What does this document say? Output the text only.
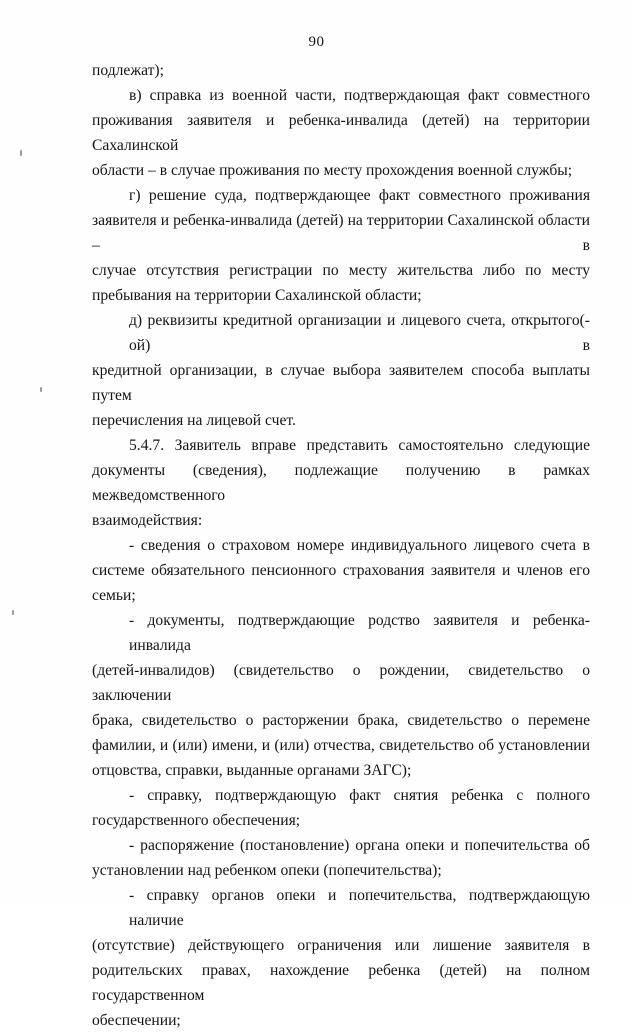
90

подлежат);

в) справка из военной части, подтверждающая факт совместного
проживания заявителя и ребенка-инвалида (детей) на территории Сахалинской
области – в случае проживания по месту прохождения военной службы;

г) решение суда, подтверждающее факт совместного проживания
заявителя и ребенка-инвалида (детей) на территории Сахалинской области – в
случае отсутствия регистрации по месту жительства либо по месту
пребывания на территории Сахалинской области;

д) реквизиты кредитной организации и лицевого счета, открытого(-ой) в
кредитной организации, в случае выбора заявителем способа выплаты путем
перечисления на лицевой счет.

5.4.7. Заявитель вправе представить самостоятельно следующие
документы (сведения), подлежащие получению в рамках межведомственного
взаимодействия:

- сведения о страховом номере индивидуального лицевого счета в
системе обязательного пенсионного страхования заявителя и членов его
семьи;

- документы, подтверждающие родство заявителя и ребенка-инвалида
(детей-инвалидов) (свидетельство о рождении, свидетельство о заключении
брака, свидетельство о расторжении брака, свидетельство о перемене
фамилии, и (или) имени, и (или) отчества, свидетельство об установлении
отцовства, справки, выданные органами ЗАГС);

- справку, подтверждающую факт снятия ребенка с полного
государственного обеспечения;

- распоряжение (постановление) органа опеки и попечительства об
установлении над ребенком опеки (попечительства);

- справку органов опеки и попечительства, подтверждающую наличие
(отсутствие) действующего ограничения или лишение заявителя в
родительских правах, нахождение ребенка (детей) на полном государственном
обеспечении;
